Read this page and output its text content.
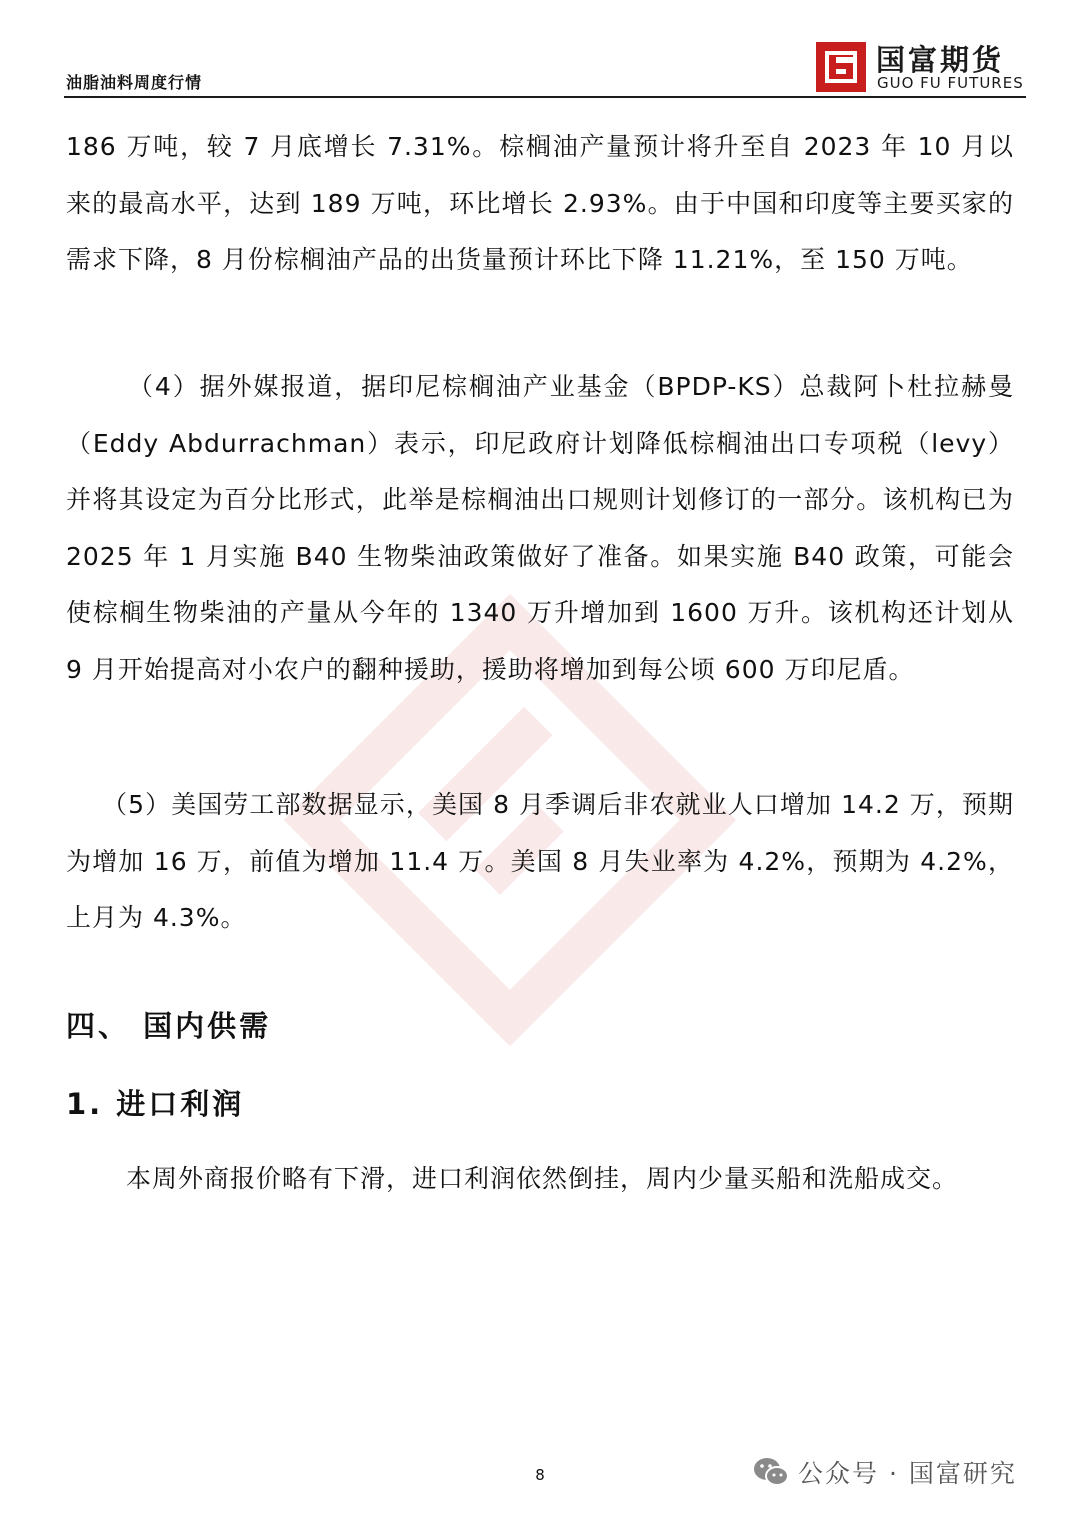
油脂油料周度行情
国富期货
GUO FU FUTURES

186 万吨，较 7 月底增长 7.31%。棕榈油产量预计将升至自 2023 年 10 月以来的最高水平，达到 189 万吨，环比增长 2.93%。由于中国和印度等主要买家的需求下降，8 月份棕榈油产品的出货量预计环比下降 11.21%，至 150 万吨。

（4）据外媒报道，据印尼棕榈油产业基金（BPDP-KS）总裁阿卜杜拉赫曼（Eddy Abdurrachman）表示，印尼政府计划降低棕榈油出口专项税（levy）并将其设定为百分比形式，此举是棕榈油出口规则计划修订的一部分。该机构已为 2025 年 1 月实施 B40 生物柴油政策做好了准备。如果实施 B40 政策，可能会使棕榈生物柴油的产量从今年的 1340 万升增加到 1600 万升。该机构还计划从 9 月开始提高对小农户的翻种援助，援助将增加到每公顷 600 万印尼盾。

（5）美国劳工部数据显示，美国 8 月季调后非农就业人口增加 14.2 万，预期为增加 16 万，前值为增加 11.4 万。美国 8 月失业率为 4.2%，预期为 4.2%，上月为 4.3%。

四、 国内供需
1. 进口利润

本周外商报价略有下滑，进口利润依然倒挂，周内少量买船和洗船成交。

8	公众号 · 国富研究
